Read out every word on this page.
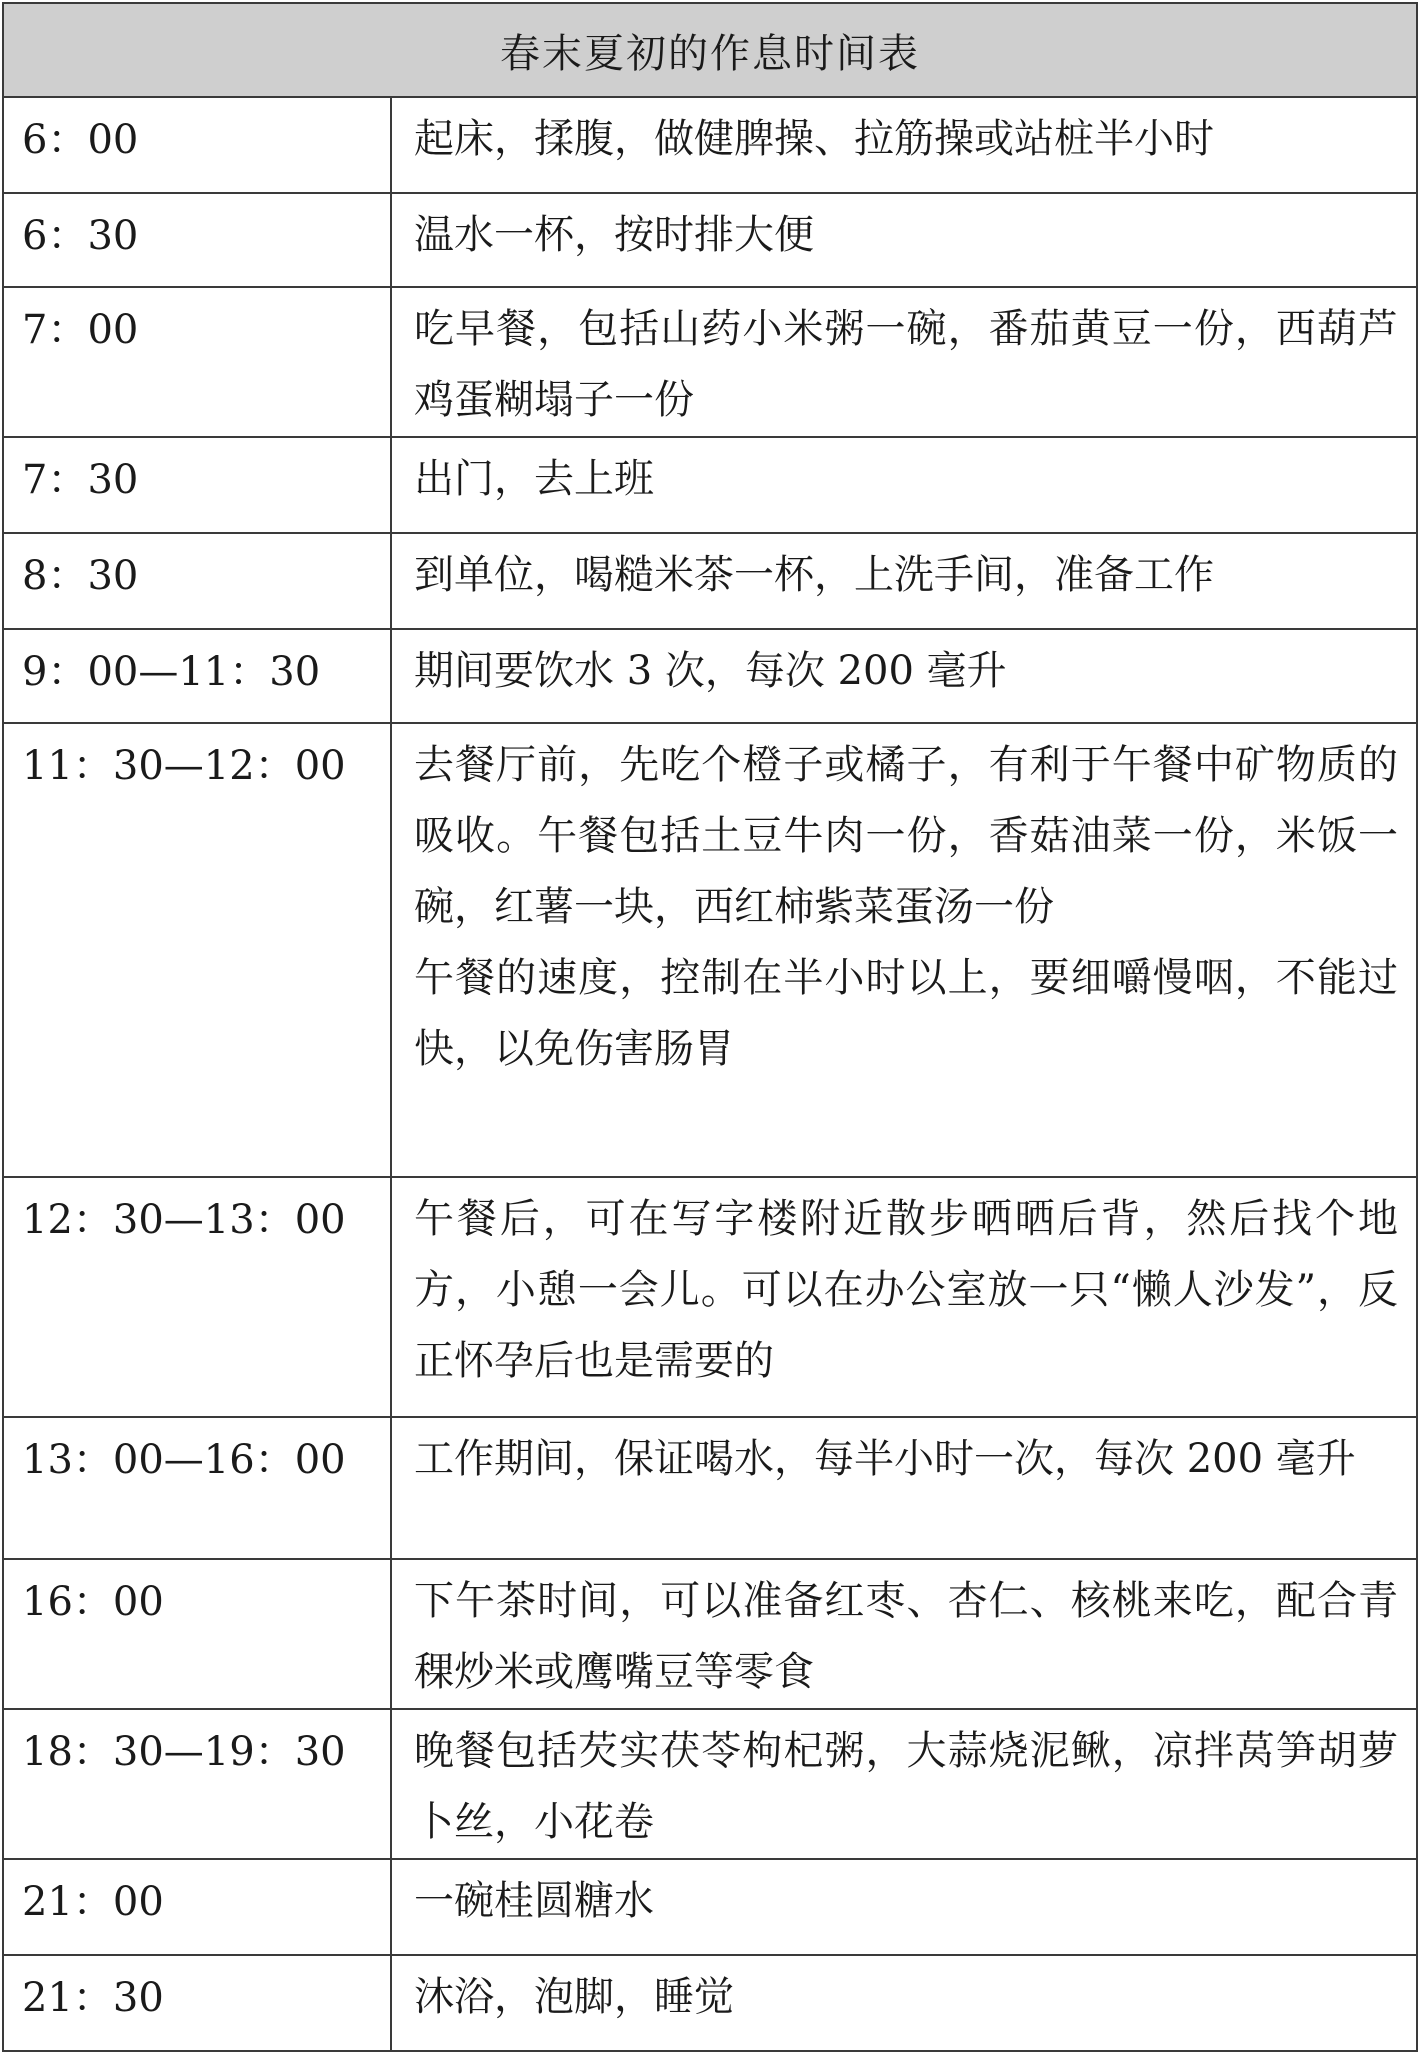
春末夏初的作息时间表	
6：00	起床，揉腹，做健脾操、拉筋操或站桩半小时

6：30	温水一杯，按时排大便

7：00	吃早餐，包括山药小米粥一碗，番茄黄豆一份，西葫芦鸡蛋糊塌子一份

7：30	出门，去上班

8：30	到单位，喝糙米茶一杯，上洗手间，准备工作

9：00—11：30	期间要饮水 3 次，每次 200 毫升

11：30—12：00	去餐厅前，先吃个橙子或橘子，有利于午餐中矿物质的吸收。午餐包括土豆牛肉一份，香菇油菜一份，米饭一碗，红薯一块，西红柿紫菜蛋汤一份
午餐的速度，控制在半小时以上，要细嚼慢咽，不能过快，以免伤害肠胃

12：30—13：00	午餐后，可在写字楼附近散步晒晒后背，然后找个地方，小憩一会儿。可以在办公室放一只“懒人沙发”，反正怀孕后也是需要的

13：00—16：00	工作期间，保证喝水，每半小时一次，每次 200 毫升

16：00	下午茶时间，可以准备红枣、杏仁、核桃来吃，配合青稞炒米或鹰嘴豆等零食

18：30—19：30	晚餐包括芡实茯苓枸杞粥，大蒜烧泥鳅，凉拌莴笋胡萝卜丝，小花卷

21：00	一碗桂圆糖水

21：30	沐浴，泡脚，睡觉
